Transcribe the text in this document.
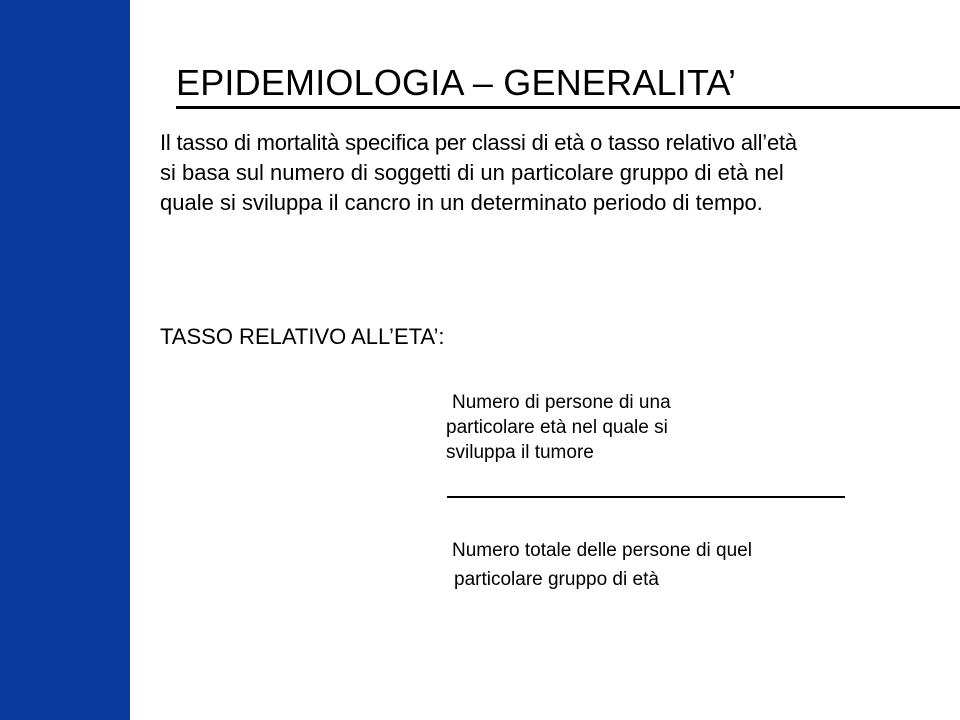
EPIDEMIOLOGIA – GENERALITA’
Il tasso di mortalità specifica per classi di età o tasso relativo all’età
si basa sul numero di soggetti di un particolare gruppo di età nel
quale si sviluppa il cancro in un determinato periodo di tempo.
TASSO RELATIVO ALL’ETA’:
Numero di persone di una
particolare età nel quale si
sviluppa il tumore
Numero totale delle persone di quel
particolare gruppo di età
